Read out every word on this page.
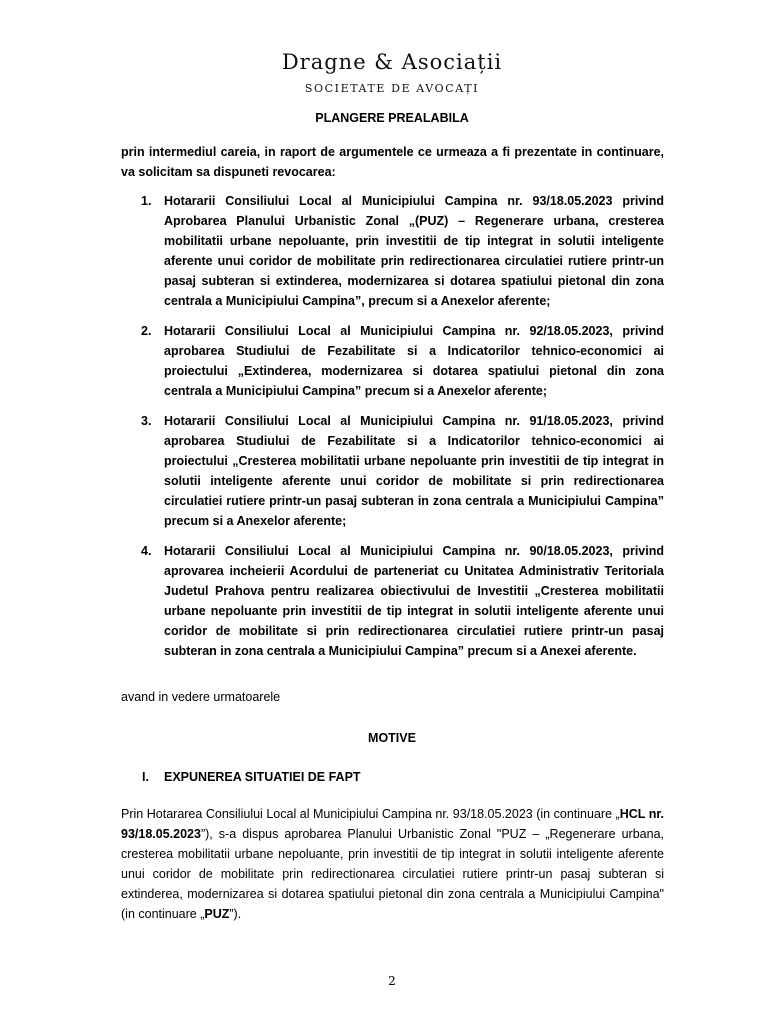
Dragne & Asociații
SOCIETATE DE AVOCAȚI
PLANGERE PREALABILA
prin intermediul careia, in raport de argumentele ce urmeaza a fi prezentate in continuare, va solicitam sa dispuneti revocarea:
1. Hotararii Consiliului Local al Municipiului Campina nr. 93/18.05.2023 privind Aprobarea Planului Urbanistic Zonal „(PUZ) – Regenerare urbana, cresterea mobilitatii urbane nepoluante, prin investitii de tip integrat in solutii inteligente aferente unui coridor de mobilitate prin redirectionarea circulatiei rutiere printr-un pasaj subteran si extinderea, modernizarea si dotarea spatiului pietonal din zona centrala a Municipiului Campina”, precum si a Anexelor aferente;
2. Hotararii Consiliului Local al Municipiului Campina nr. 92/18.05.2023, privind aprobarea Studiului de Fezabilitate si a Indicatorilor tehnico-economici ai proiectului „Extinderea, modernizarea si dotarea spatiului pietonal din zona centrala a Municipiului Campina” precum si a Anexelor aferente;
3. Hotararii Consiliului Local al Municipiului Campina nr. 91/18.05.2023, privind aprobarea Studiului de Fezabilitate si a Indicatorilor tehnico-economici ai proiectului „Cresterea mobilitatii urbane nepoluante prin investitii de tip integrat in solutii inteligente aferente unui coridor de mobilitate si prin redirectionarea circulatiei rutiere printr-un pasaj subteran in zona centrala a Municipiului Campina” precum si a Anexelor aferente;
4. Hotararii Consiliului Local al Municipiului Campina nr. 90/18.05.2023, privind aprovarea incheierii Acordului de parteneriat cu Unitatea Administrativ Teritoriala Judetul Prahova pentru realizarea obiectivului de Investitii „Cresterea mobilitatii urbane nepoluante prin investitii de tip integrat in solutii inteligente aferente unui coridor de mobilitate si prin redirectionarea circulatiei rutiere printr-un pasaj subteran in zona centrala a Municipiului Campina” precum si a Anexei aferente.
avand in vedere urmatoarele
MOTIVE
I. EXPUNEREA SITUATIEI DE FAPT
Prin Hotararea Consiliului Local al Municipiului Campina nr. 93/18.05.2023 (in continuare „HCL nr. 93/18.05.2023”), s-a dispus aprobarea Planului Urbanistic Zonal "PUZ – „Regenerare urbana, cresterea mobilitatii urbane nepoluante, prin investitii de tip integrat in solutii inteligente aferente unui coridor de mobilitate prin redirectionarea circulatiei rutiere printr-un pasaj subteran si extinderea, modernizarea si dotarea spatiului pietonal din zona centrala a Municipiului Campina" (in continuare „PUZ”).
2
